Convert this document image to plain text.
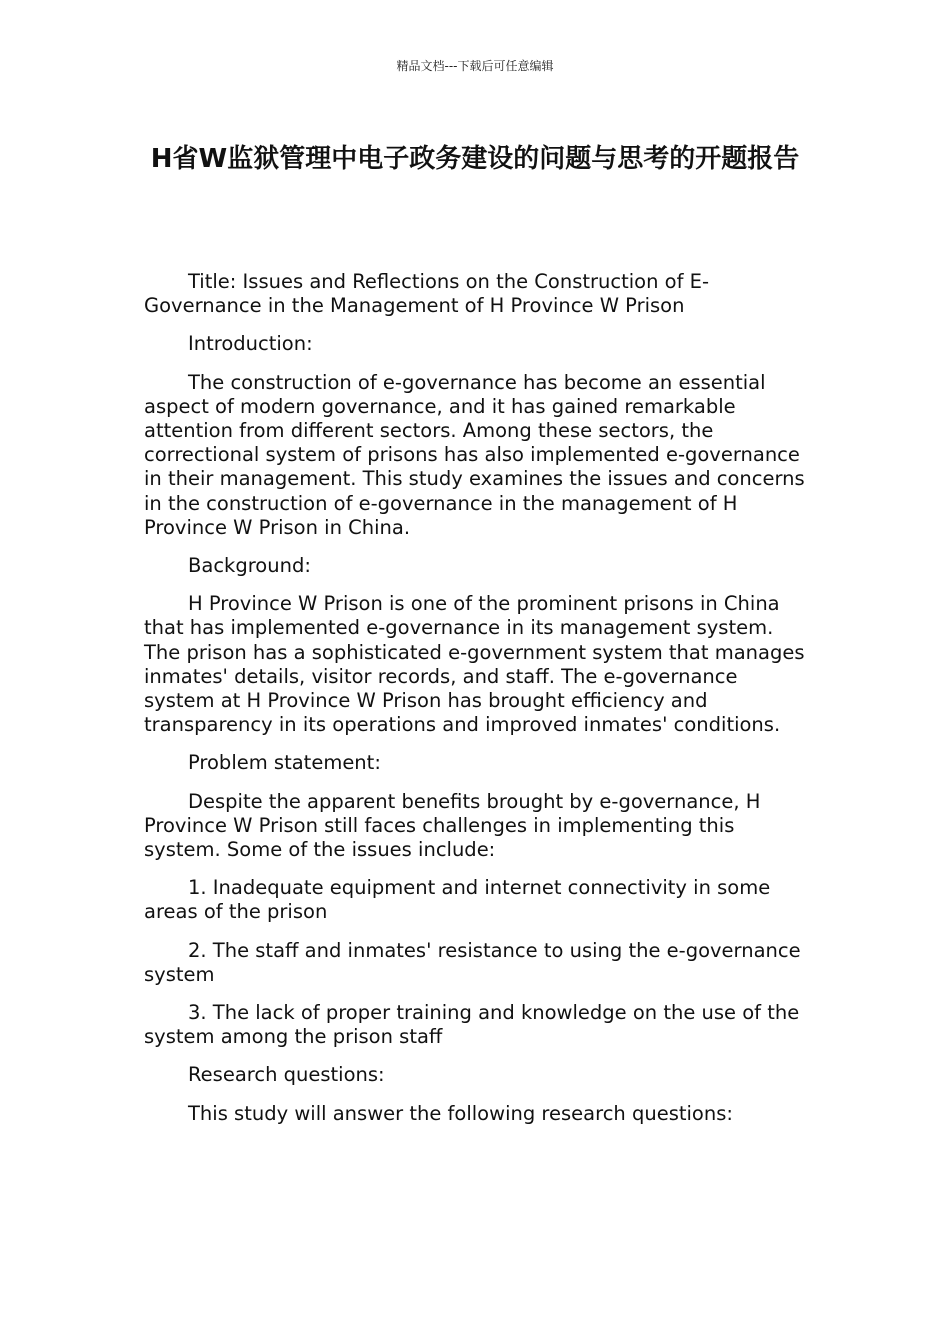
精品文档---下载后可任意编辑
H省W监狱管理中电子政务建设的问题与思考的开题报告

Title: Issues and Reflections on the Construction of E-Governance in the Management of H Province W Prison

Introduction:

The construction of e-governance has become an essential aspect of modern governance, and it has gained remarkable attention from different sectors. Among these sectors, the correctional system of prisons has also implemented e-governance in their management. This study examines the issues and concerns in the construction of e-governance in the management of H Province W Prison in China.

Background:

H Province W Prison is one of the prominent prisons in China that has implemented e-governance in its management system. The prison has a sophisticated e-government system that manages inmates' details, visitor records, and staff. The e-governance system at H Province W Prison has brought efficiency and transparency in its operations and improved inmates' conditions.

Problem statement:

Despite the apparent benefits brought by e-governance, H Province W Prison still faces challenges in implementing this system. Some of the issues include:

1. Inadequate equipment and internet connectivity in some areas of the prison

2. The staff and inmates' resistance to using the e-governance system

3. The lack of proper training and knowledge on the use of the system among the prison staff

Research questions:

This study will answer the following research questions:
